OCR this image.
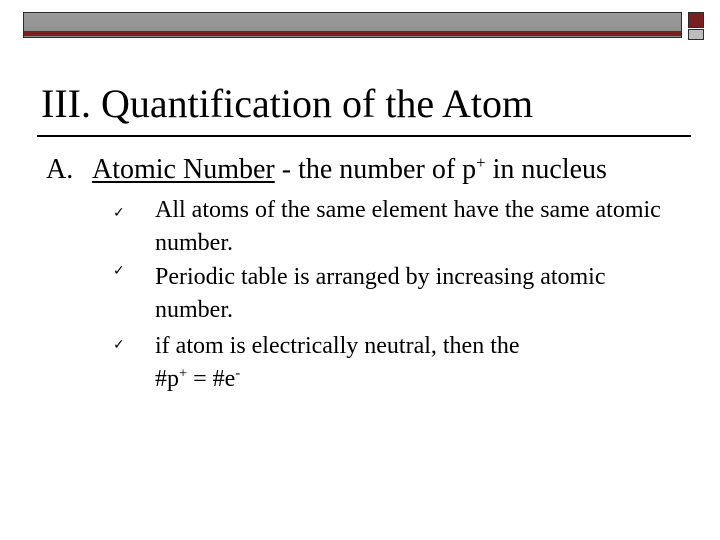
III. Quantification of the Atom
A. Atomic Number - the number of p+ in nucleus
✓ All atoms of the same element have the same atomic number.
✓ Periodic table is arranged by increasing atomic number.
✓ if atom is electrically neutral, then the
#p+ = #e-
